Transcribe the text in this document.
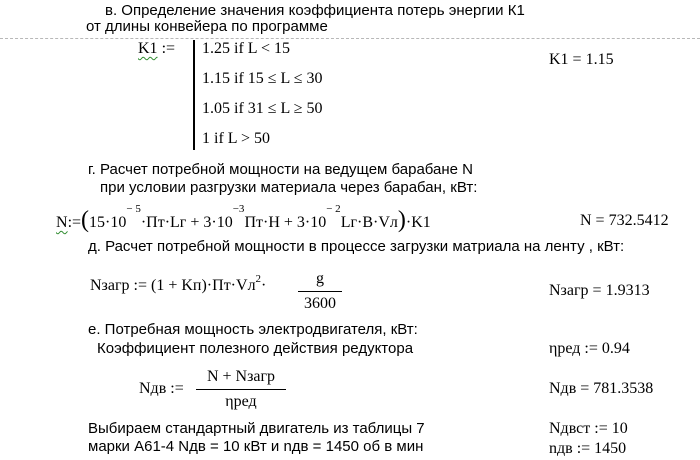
в. Определение значения коэффициента потерь энергии К1
от длины конвейера по программе
K1 := 1.25 if L < 15
1.15 if 15 ≤ L ≤ 30
1.05 if 31 ≤ L ≥ 50
1 if L > 50
K1 = 1.15
г. Расчет потребной мощности на ведущем барабане N
при условии разгрузки материала через барабан, кВт:
$N:=(15\cdot 10^{- 5}\cdot Пт\cdot Lг + 3\cdot 10^{-3}Пт\cdot H + 3\cdot 10^{- 2}Lг\cdot B\cdot Vл)\cdot K1$	N = 732.5412
д. Расчет потребной мощности в процессе загрузки матриала на ленту , кВт:
Nзагр := $(1 + Kп)\cdot Пт\cdot Vл^2\cdot$	g
3600
Nзагр = 1.9313
е. Потребная мощность электродвигателя, кВт:
Коэффициент полезного действия редуктора	ηред := 0.94
Nдв :=
N + Nзагр
ηред
Nдв = 781.3538
Выбираем стандартный двигатель из таблицы 7
марки А61-4 Nдв = 10 кВт и nдв = 1450 об в мин
Nдвст := 10
nдв := 1450
